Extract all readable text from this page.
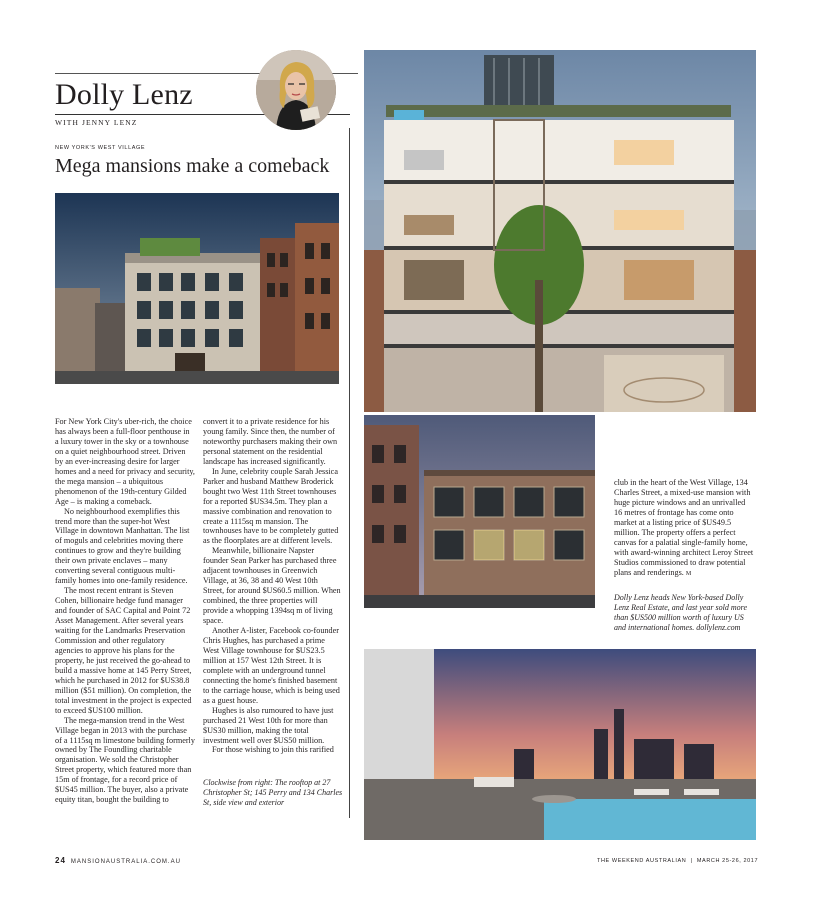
Dolly Lenz
WITH JENNY LENZ
NEW YORK'S WEST VILLAGE
Mega mansions make a comeback

For New York City's uber-rich, the choice has always been a full-floor penthouse in a luxury tower in the sky or a townhouse on a quiet neighbourhood street. Driven by an ever-increasing desire for larger homes and a need for privacy and security, the mega mansion – a ubiquitous phenomenon of the 19th-century Gilded Age – is making a comeback.

No neighbourhood exemplifies this trend more than the super-hot West Village in downtown Manhattan. The list of moguls and celebrities moving there continues to grow and they're building their own private enclaves – many converting several contiguous multi-family homes into one-family residence.

The most recent entrant is Steven Cohen, billionaire hedge fund manager and founder of SAC Capital and Point 72 Asset Management. After several years waiting for the Landmarks Preservation Commission and other regulatory agencies to approve his plans for the property, he just received the go-ahead to build a massive home at 145 Perry Street, which he purchased in 2012 for $US38.8 million ($51 million). On completion, the total investment in the project is expected to exceed $US100 million.

The mega-mansion trend in the West Village began in 2013 with the purchase of a 1115sq m limestone building formerly owned by The Foundling charitable organisation. We sold the Christopher Street property, which featured more than 15m of frontage, for a record price of $US45 million. The buyer, also a private equity titan, bought the building to

convert it to a private residence for his young family. Since then, the number of noteworthy purchasers making their own personal statement on the residential landscape has increased significantly.

In June, celebrity couple Sarah Jessica Parker and husband Matthew Broderick bought two West 11th Street townhouses for a reported $US34.5m. They plan a massive combination and renovation to create a 1115sq m mansion. The townhouses have to be completely gutted as the floorplates are at different levels.

Meanwhile, billionaire Napster founder Sean Parker has purchased three adjacent townhouses in Greenwich Village, at 36, 38 and 40 West 10th Street, for around $US60.5 million. When combined, the three properties will provide a whopping 1394sq m of living space.

Another A-lister, Facebook co-founder Chris Hughes, has purchased a prime West Village townhouse for $US23.5 million at 157 West 12th Street. It is complete with an underground tunnel connecting the home's finished basement to the carriage house, which is being used as a guest house.

Hughes is also rumoured to have just purchased 21 West 10th for more than $US30 million, making the total investment well over $US50 million.

For those wishing to join this rarified

club in the heart of the West Village, 134 Charles Street, a mixed-use mansion with huge picture windows and an unrivalled 16 metres of frontage has come onto market at a listing price of $US49.5 million. The property offers a perfect canvas for a palatial single-family home, with award-winning architect Leroy Street Studios commissioned to draw potential plans and renderings. M

Dolly Lenz heads New York-based Dolly Lenz Real Estate, and last year sold more than $US500 million worth of luxury US and international homes. dollylenz.com
Clockwise from right: The rooftop at 27 Christopher St; 145 Perry and 134 Charles St, side view and exterior
24 MANSIONAUSTRALIA.COM.AU	THE WEEKEND AUSTRALIAN  |  MARCH 25-26, 2017
